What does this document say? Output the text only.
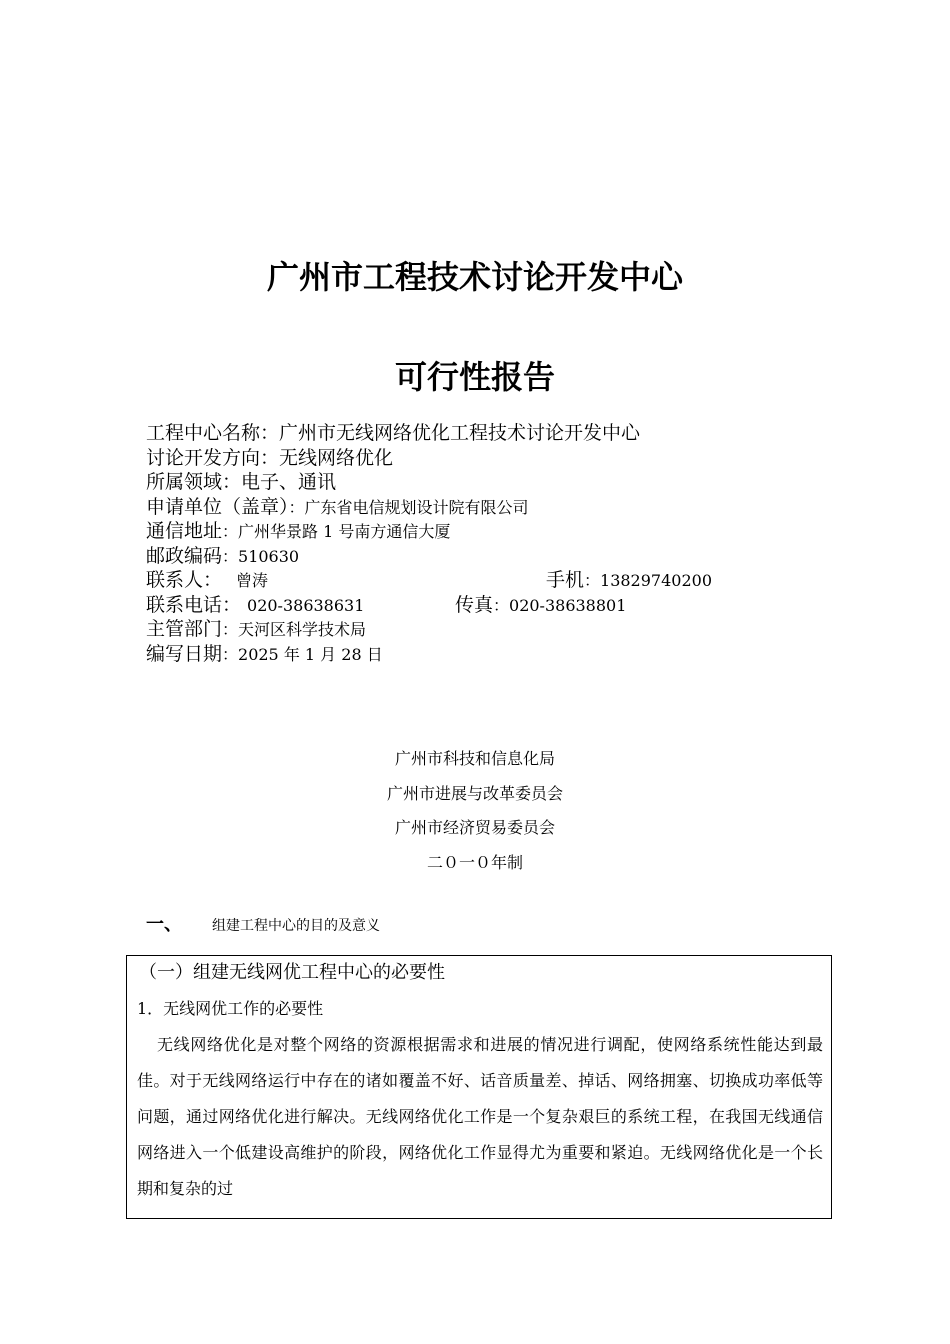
广州市工程技术讨论开发中心
可行性报告
工程中心名称：广州市无线网络优化工程技术讨论开发中心
讨论开发方向：无线网络优化
所属领域：电子、通讯
申请单位（盖章）：广东省电信规划设计院有限公司
通信地址：广州华景路 1 号南方通信大厦
邮政编码：510630
联系人： 曾涛	手机：13829740200
联系电话： 020-38638631	传真：020-38638801
主管部门：天河区科学技术局
编写日期：2025 年 1 月 28 日
广州市科技和信息化局
广州市进展与改革委员会
广州市经济贸易委员会
二０一０年制
一、 组建工程中心的目的及意义
（一）组建无线网优工程中心的必要性
1．无线网优工作的必要性
无线网络优化是对整个网络的资源根据需求和进展的情况进行调配，使网络系统性能达到最佳。对于无线网络运行中存在的诸如覆盖不好、话音质量差、掉话、网络拥塞、切换成功率低等问题，通过网络优化进行解决。无线网络优化工作是一个复杂艰巨的系统工程，在我国无线通信网络进入一个低建设高维护的阶段，网络优化工作显得尤为重要和紧迫。无线网络优化是一个长期和复杂的过
